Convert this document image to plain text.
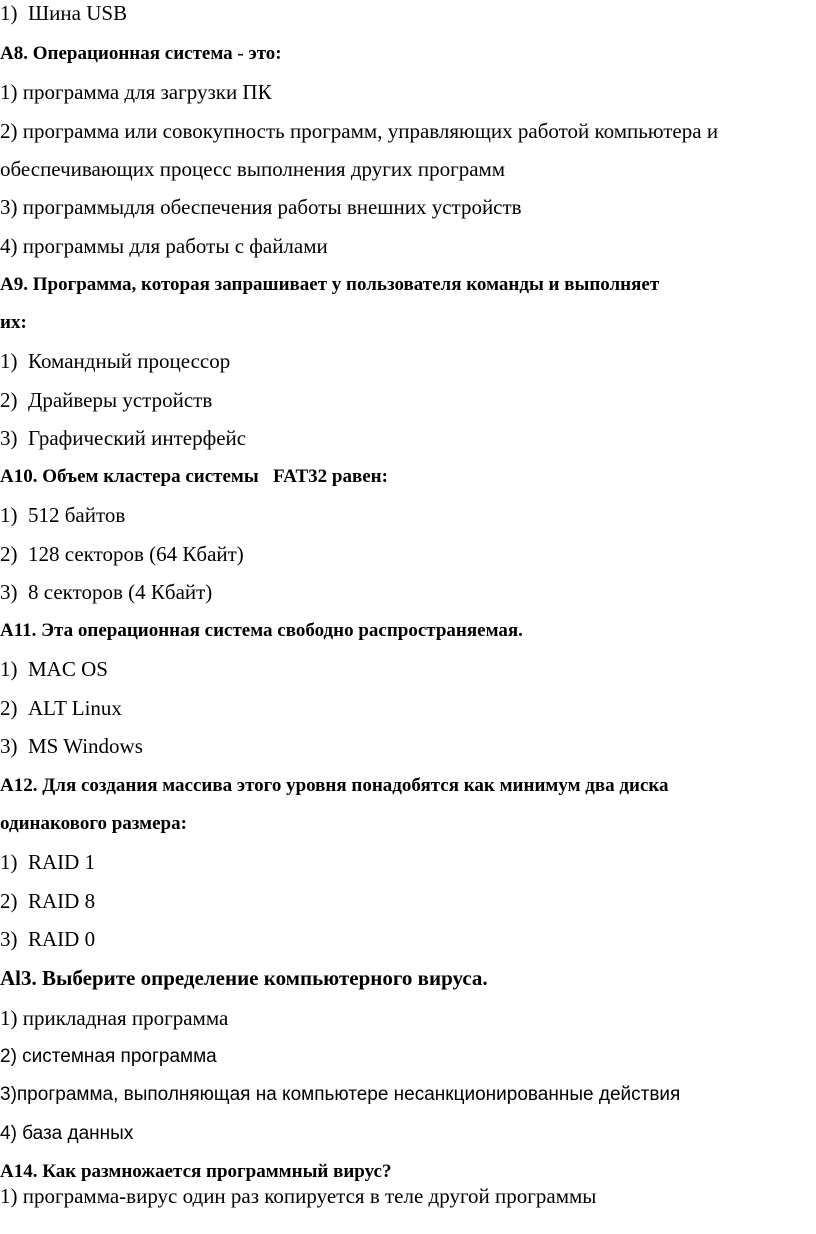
1) Шина USB

А8. Операционная система - это:

1) программа для загрузки ПК

2) программа или совокупность программ, управляющих работой компьютера и

обеспечивающих процесс выполнения других программ

3) программыдля обеспечения работы внешних устройств

4) программы для работы с файлами

А9. Программа, которая запрашивает у пользователя команды и выполняет

их:

1) Командный процессор

2) Драйверы устройств

3) Графический интерфейс

А10. Объем кластера системы   FAT32 равен:

1) 512 байтов

2) 128 секторов (64 Кбайт)

3) 8 секторов (4 Кбайт)

А11. Эта операционная система свободно распространяемая.

1) MAC OS

2) ALT Linux

3) MS Windows

А12. Для создания массива этого уровня понадобятся как минимум два диска

одинакового размера:

1) RAID 1

2) RAID 8

3) RAID 0

Аl3. Выберите определение компьютерного вируса.

1) прикладная программа

2) системная программа

3)программа, выполняющая на компьютере несанкционированные действия

4) база данных

А14. Как размножается программный вирус?

1) программа-вирус один раз копируется в теле другой программы
